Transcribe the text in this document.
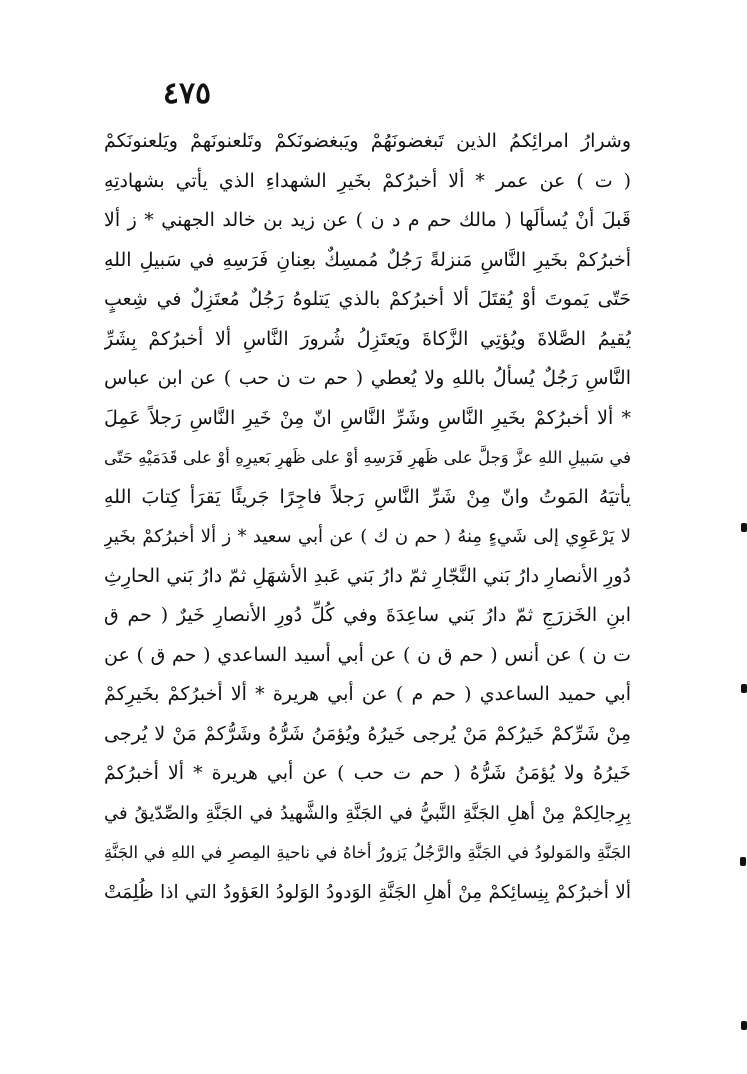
٤٧٥
وشرارُ امرائِكمُ الذين تَبغضونَهُمْ ويَبغضونَكمْ وتَلعنونَهمْ ويَلعنونَكمْ
( ت ) عن عمر * ألا أخبرُكمْ بخَيرِ الشهداءِ الذي يأتي بشهادتِهِ
قَبلَ أنْ يُسألَها ( مالك حم م د ن ) عن زيد بن خالد الجهني * ز ألا
أخبرُكمْ بخَيرِ النَّاسِ مَنزلةً رَجُلٌ مُمسِكٌ بعِنانِ فَرَسِهِ في سَبيلِ اللهِ
حَتّى يَموتَ أوْ يُقتَلَ ألا أخبرُكمْ بالذي يَتلوهُ رَجُلٌ مُعتَزِلٌ في شِعبٍ
يُقيمُ الصَّلاةَ ويُؤتِي الزَّكاةَ ويَعتَزِلُ شُرورَ النَّاسِ ألا أخبرُكمْ بِشَرِّ
النَّاسِ رَجُلٌ يُسألُ باللهِ ولا يُعطي ( حم ت ن حب ) عن ابن عباس
* ألا أخبرُكمْ بخَيرِ النَّاسِ وشَرِّ النَّاسِ انّ مِنْ خَيرِ النَّاسِ رَجلاً عَمِلَ
في سَبيلِ اللهِ عزَّ وَجلَّ على ظَهرِ فَرَسِهِ أوْ على ظَهرِ بَعيرِهِ أوْ على قَدَمَيْهِ حَتّى
يأتيَهُ المَوتُ وانّ مِنْ شَرِّ النَّاسِ رَجلاً فاجِرًا جَريئًا يَقرَأ كِتابَ اللهِ
لا يَرْعَوِي إلى شَيءٍ مِنهُ ( حم ن ك ) عن أبي سعيد * ز ألا أخبرُكمْ بخَيرِ
دُورِ الأنصارِ دارُ بَني النَّجّارِ ثمّ دارُ بَني عَبدِ الأشهَلِ ثمّ دارُ بَني الحارِثِ
ابنِ الخَزرَجِ ثمّ دارُ بَني ساعِدَةَ وفي كُلِّ دُورِ الأنصارِ خَيرٌ ( حم ق
ت ن ) عن أنس ( حم ق ن ) عن أبي أسيد الساعدي ( حم ق ) عن
أبي حميد الساعدي ( حم م ) عن أبي هريرة * ألا أخبرُكمْ بخَيرِكمْ
مِنْ شَرِّكمْ خَيرُكمْ مَنْ يُرجى خَيرُهُ ويُؤمَنُ شَرُّهُ وشَرُّكمْ مَنْ لا يُرجى
خَيرُهُ ولا يُؤمَنُ شَرُّهُ ( حم ت حب ) عن أبي هريرة * ألا أخبرُكمْ
بِرِجالِكمْ مِنْ أهلِ الجَنَّةِ النَّبيُّ في الجَنَّةِ والشَّهيدُ في الجَنَّةِ والصِّدّيقُ في
الجَنَّةِ والمَولودُ في الجَنَّةِ والرَّجُلُ يَزورُ أخاهُ في ناحيةِ المِصرِ في اللهِ في الجَنَّةِ
ألا أخبرُكمْ بِنِسائِكمْ مِنْ أهلِ الجَنَّةِ الوَدودُ الوَلودُ العَؤودُ التي اذا ظُلِمَتْ
